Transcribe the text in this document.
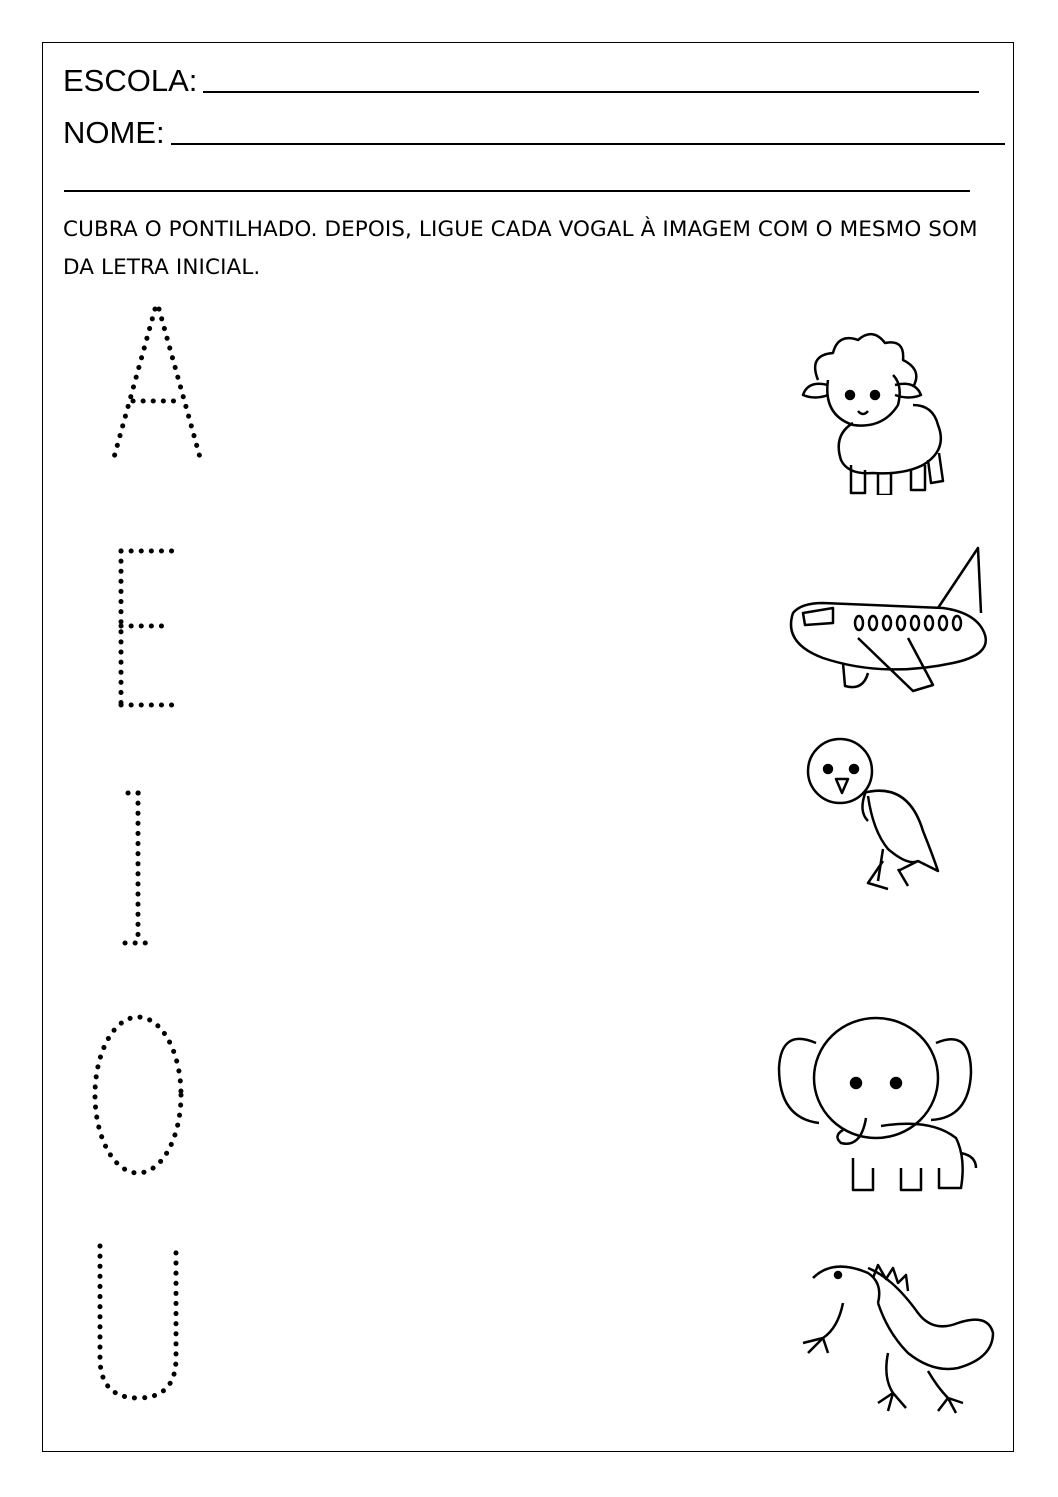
ESCOLA:
NOME:
CUBRA O PONTILHADO. DEPOIS, LIGUE CADA VOGAL À IMAGEM COM O MESMO SOM DA LETRA INICIAL.
